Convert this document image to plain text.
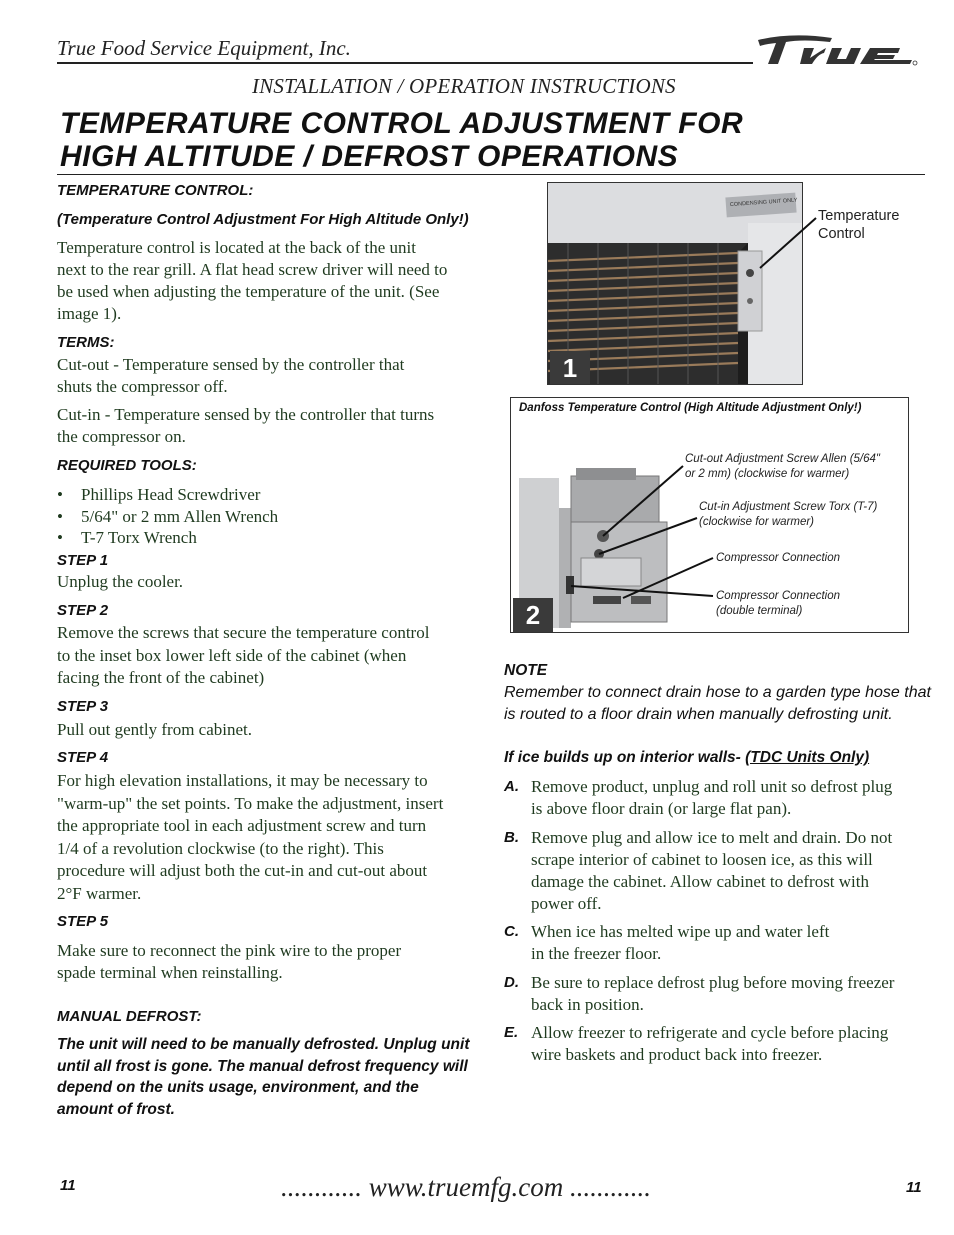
True Food Service Equipment, Inc.
INSTALLATION / OPERATION INSTRUCTIONS
TEMPERATURE CONTROL ADJUSTMENT FOR
HIGH ALTITUDE / DEFROST OPERATIONS
TEMPERATURE CONTROL:
(Temperature Control Adjustment For High Altitude Only!)
Temperature control is located at the back of the unit
next to the rear grill. A flat head screw driver will need to
be used when adjusting the temperature of the unit. (See
image 1).
TERMS:
Cut-out - Temperature sensed by the controller that
shuts the compressor off.
Cut-in - Temperature sensed by the controller that turns
the compressor on.
REQUIRED TOOLS:
• Phillips Head Screwdriver
• 5/64" or 2 mm Allen Wrench
• T-7 Torx Wrench
STEP 1
Unplug the cooler.
STEP 2
Remove the screws that secure the temperature control
to the inset box lower left side of the cabinet (when
facing the front of the cabinet)
STEP 3
Pull out gently from cabinet.
STEP 4
For high elevation installations, it may be necessary to
"warm-up" the set points. To make the adjustment, insert
the appropriate tool in each adjustment screw and turn
1/4 of a revolution clockwise (to the right). This
procedure will adjust both the cut-in and cut-out about
2°F warmer.
STEP 5
Make sure to reconnect the pink wire to the proper
spade terminal when reinstalling.
MANUAL DEFROST:
The unit will need to be manually defrosted. Unplug unit
until all frost is gone. The manual defrost frequency will
depend on the units usage, environment, and the
amount of frost.
CONDENSING UNIT ONLY
1
Temperature
Control
Danfoss Temperature Control (High Altitude Adjustment Only!)
Cut-out Adjustment Screw Allen (5/64"
or 2 mm) (clockwise for warmer)
Cut-in Adjustment Screw Torx (T-7)
(clockwise for warmer)
Compressor Connection
Compressor Connection
(double terminal)
2
NOTE
Remember to connect drain hose to a garden type hose that
is routed to a floor drain when manually defrosting unit.
If ice builds up on interior walls- (TDC Units Only)
A. Remove product, unplug and roll unit so defrost plug
is above floor drain (or large flat pan).
B. Remove plug and allow ice to melt and drain. Do not
scrape interior of cabinet to loosen ice, as this will
damage the cabinet. Allow cabinet to defrost with
power off.
C. When ice has melted wipe up and water left
in the freezer floor.
D. Be sure to replace defrost plug before moving freezer
back in position.
E. Allow freezer to refrigerate and cycle before placing
wire baskets and product back into freezer.
11	............ www.truemfg.com ............	11
